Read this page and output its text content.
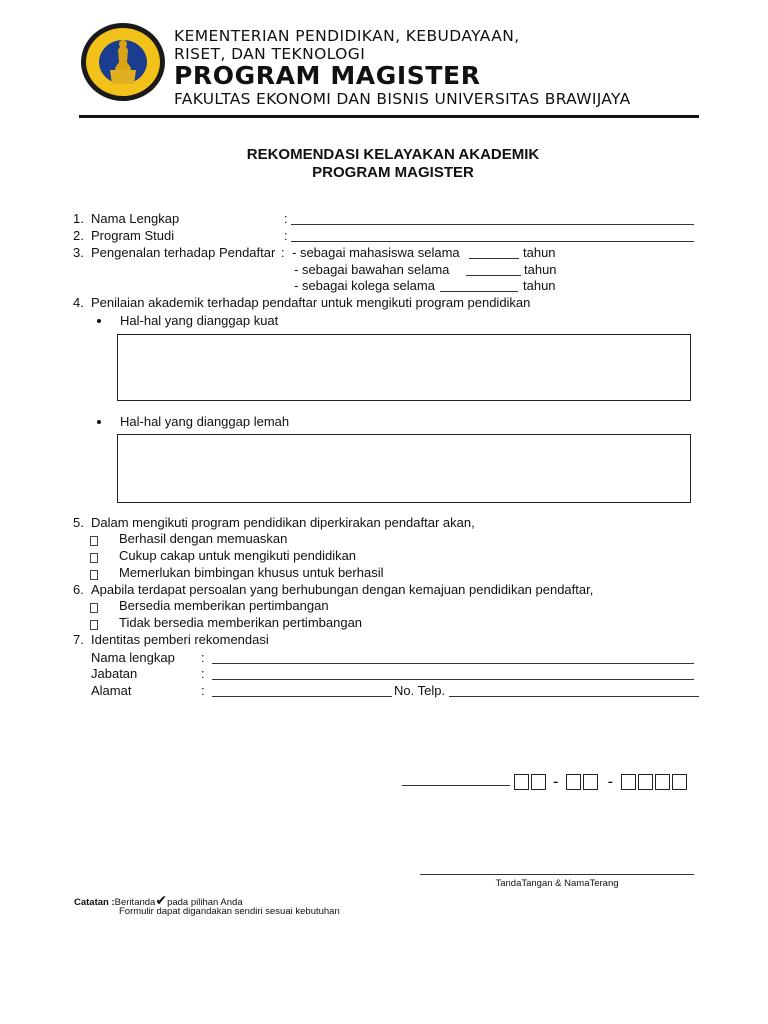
KEMENTERIAN PENDIDIKAN, KEBUDAYAAN,
RISET, DAN TEKNOLOGI
PROGRAM MAGISTER
FAKULTAS EKONOMI DAN BISNIS UNIVERSITAS BRAWIJAYA
REKOMENDASI KELAYAKAN AKADEMIK
PROGRAM MAGISTER
1. Nama Lengkap	:
2. Program Studi	:
3. Pengenalan terhadap Pendaftar : - sebagai mahasiswa selama	tahun
- sebagai bawahan selama	tahun
- sebagai kolega selama	tahun
4. Penilaian akademik terhadap pendaftar untuk mengikuti program pendidikan
Hal-hal yang dianggap kuat
Hal-hal yang dianggap lemah
5. Dalam mengikuti program pendidikan diperkirakan pendaftar akan,
Berhasil dengan memuaskan
Cukup cakap untuk mengikuti pendidikan
Memerlukan bimbingan khusus untuk berhasil
6. Apabila terdapat persoalan yang berhubungan dengan kemajuan pendidikan pendaftar,
Bersedia memberikan pertimbangan
Tidak bersedia memberikan pertimbangan
7. Identitas pemberi rekomendasi
Nama lengkap :
Jabatan	:
Alamat	:	No. Telp.
-	-
TandaTangan & NamaTerang
Catatan :Beritanda✔pada pilihan Anda
Formulir dapat digandakan sendiri sesuai kebutuhan
